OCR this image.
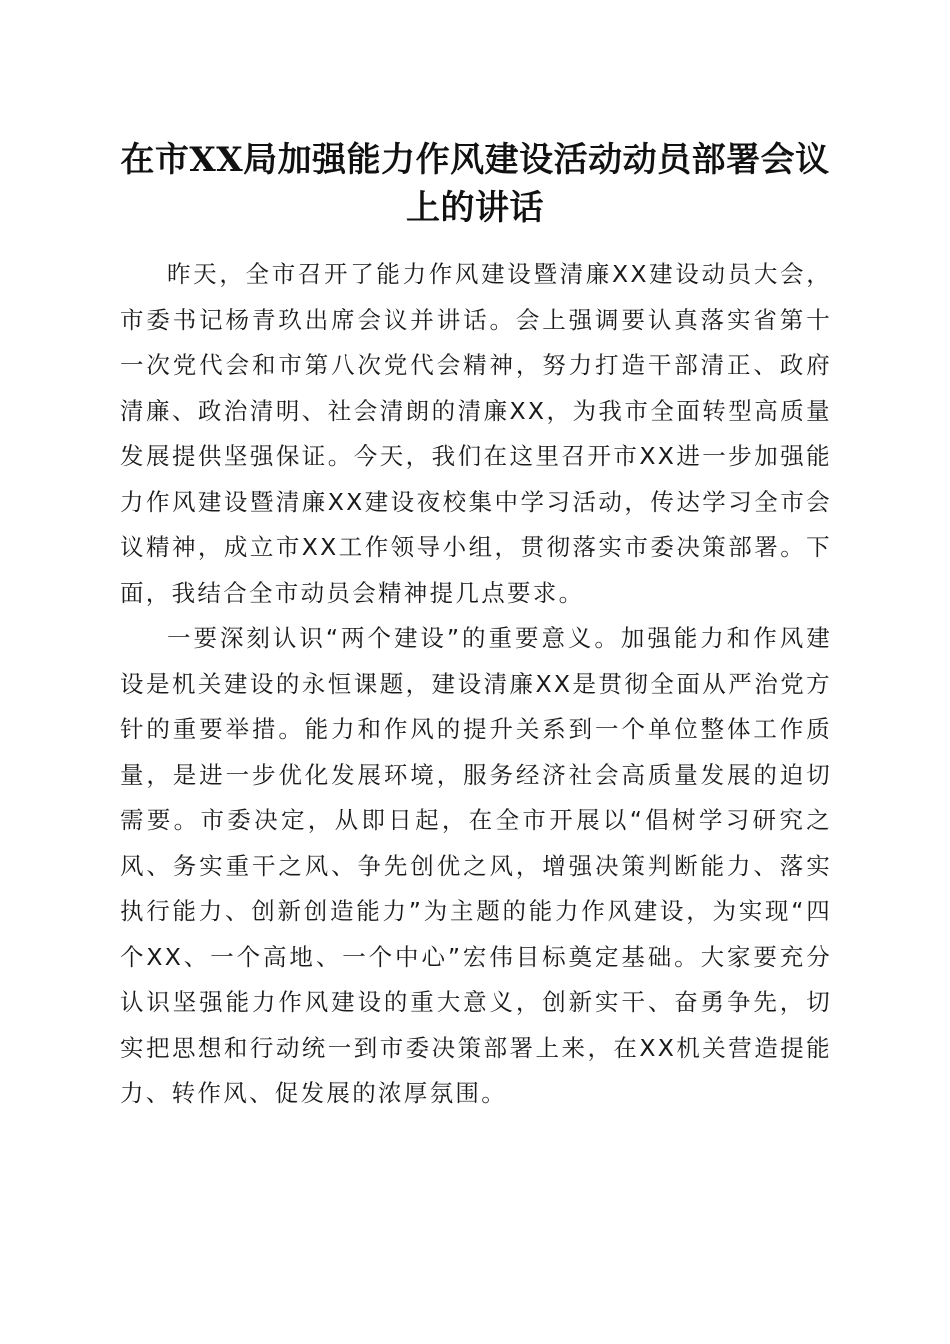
在市XX局加强能力作风建设活动动员部署会议上的讲话

昨天，全市召开了能力作风建设暨清廉XX建设动员大会，市委书记杨青玖出席会议并讲话。会上强调要认真落实省第十一次党代会和市第八次党代会精神，努力打造干部清正、政府清廉、政治清明、社会清朗的清廉XX，为我市全面转型高质量发展提供坚强保证。今天，我们在这里召开市XX进一步加强能力作风建设暨清廉XX建设夜校集中学习活动，传达学习全市会议精神，成立市XX工作领导小组，贯彻落实市委决策部署。下面，我结合全市动员会精神提几点要求。

一要深刻认识“两个建设”的重要意义。加强能力和作风建设是机关建设的永恒课题，建设清廉XX是贯彻全面从严治党方针的重要举措。能力和作风的提升关系到一个单位整体工作质量，是进一步优化发展环境，服务经济社会高质量发展的迫切需要。市委决定，从即日起，在全市开展以“倡树学习研究之风、务实重干之风、争先创优之风，增强决策判断能力、落实执行能力、创新创造能力”为主题的能力作风建设，为实现“四个XX、一个高地、一个中心”宏伟目标奠定基础。大家要充分认识坚强能力作风建设的重大意义，创新实干、奋勇争先，切实把思想和行动统一到市委决策部署上来，在XX机关营造提能力、转作风、促发展的浓厚氛围。
